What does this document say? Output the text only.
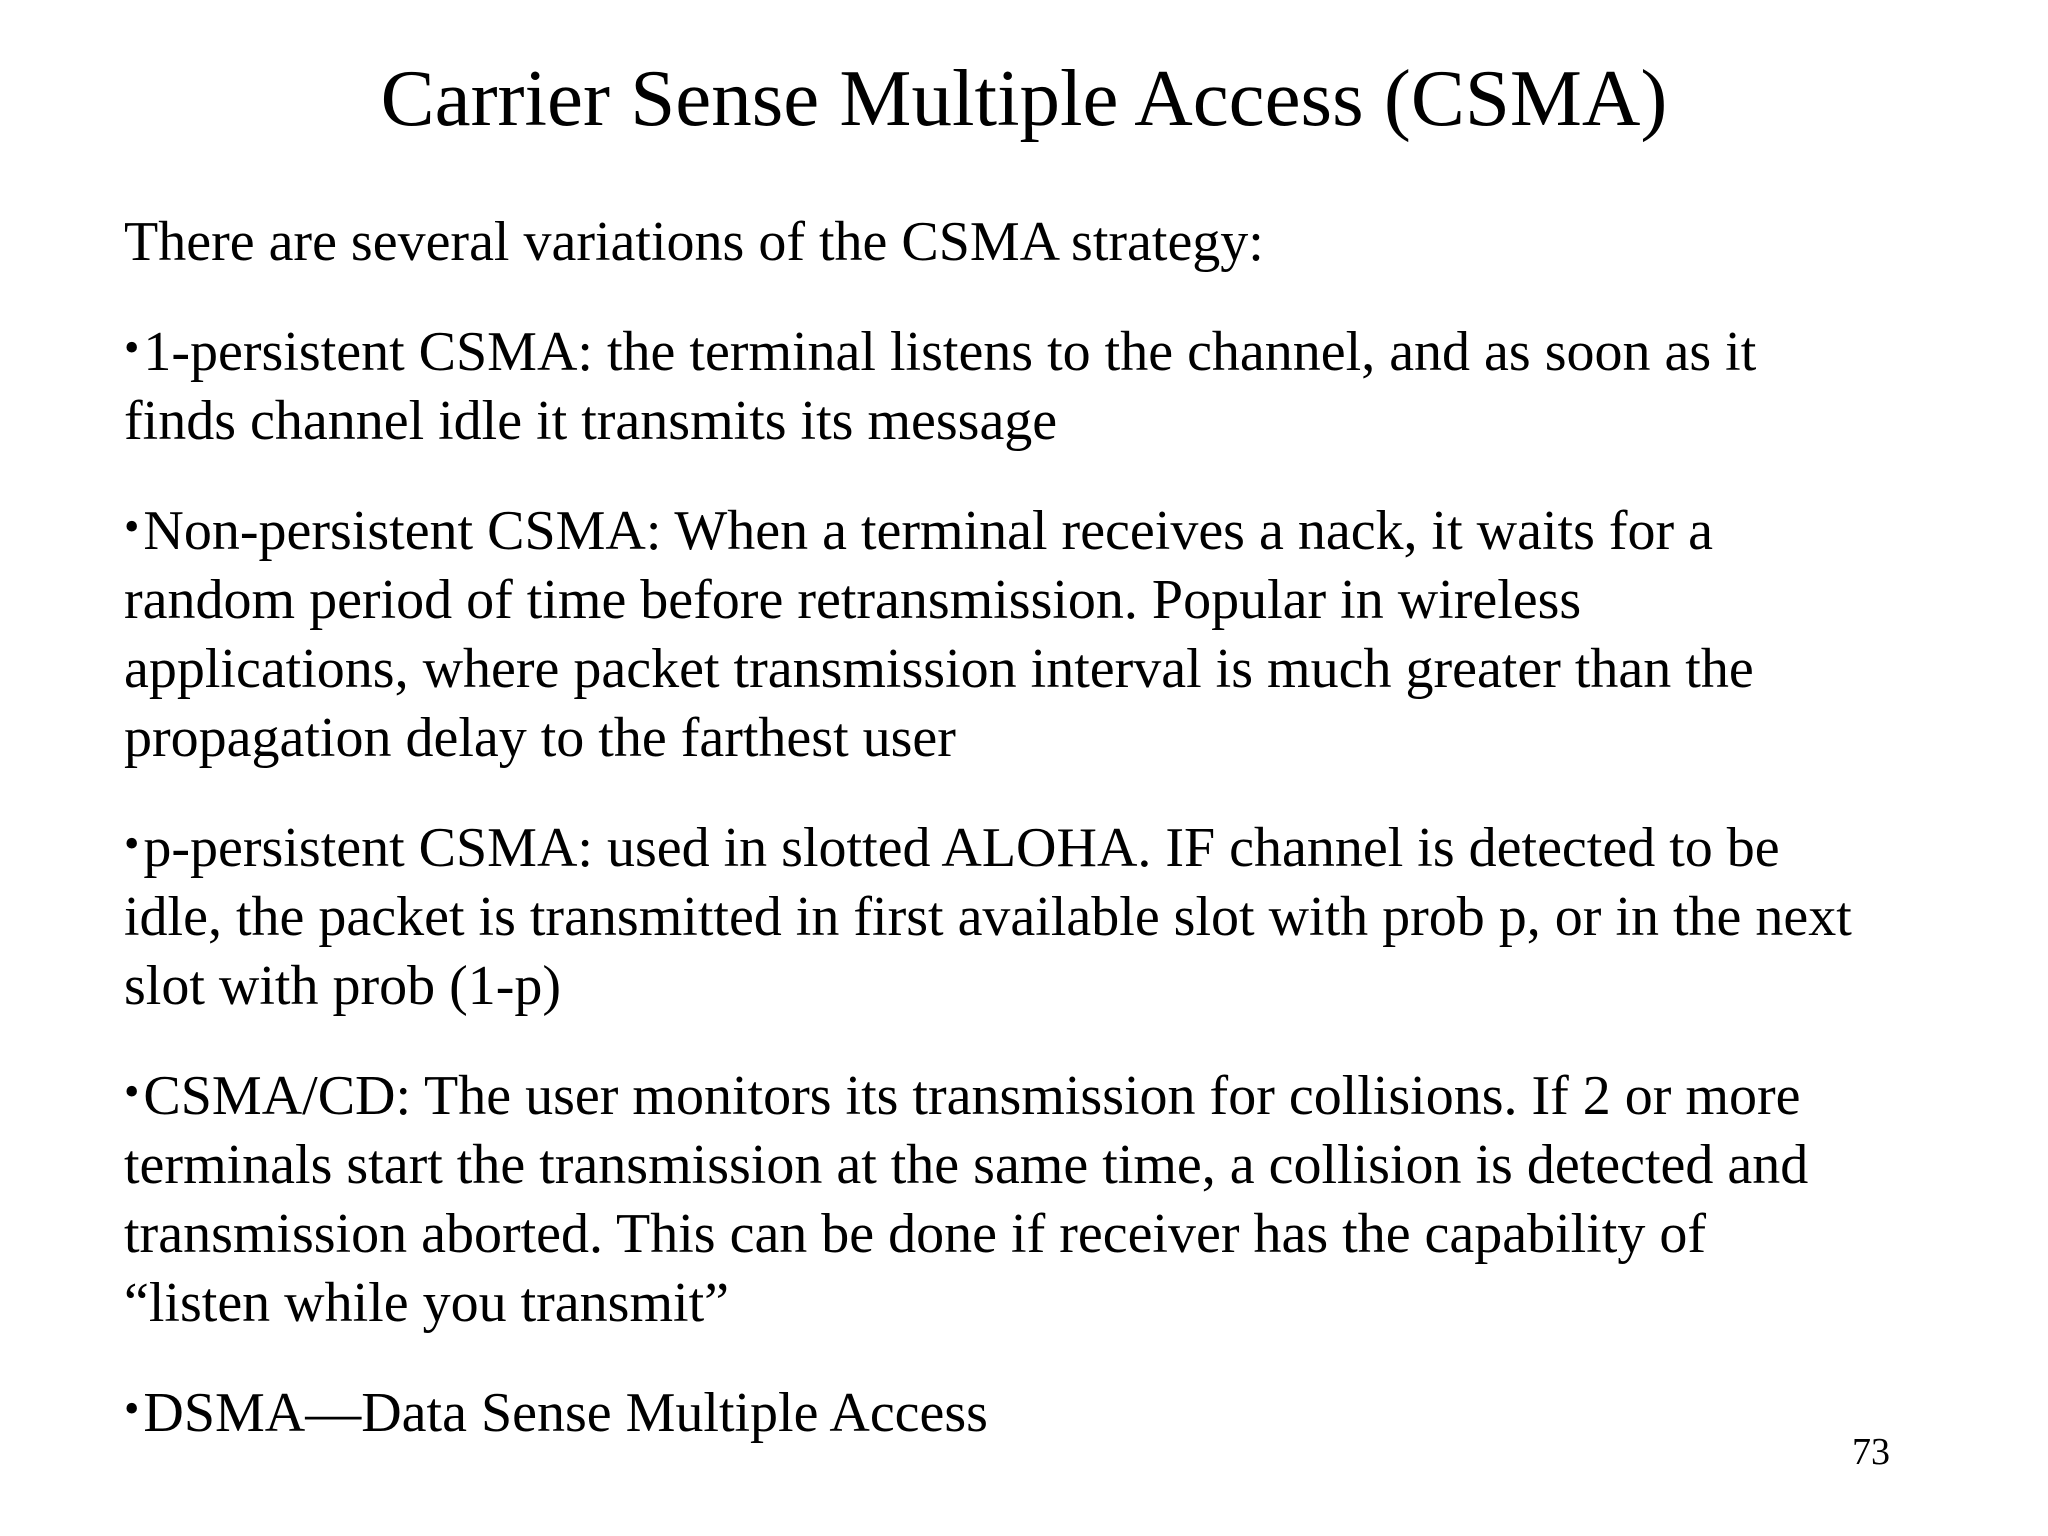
Carrier Sense Multiple Access (CSMA)
There are several variations of the CSMA strategy:
•1-persistent CSMA: the terminal listens to the channel, and as soon as it
finds channel idle it transmits its message
•Non-persistent CSMA: When a terminal receives a nack, it waits for a
random period of time before retransmission. Popular in wireless
applications, where packet transmission interval is much greater than the
propagation delay to the farthest user
•p-persistent CSMA: used in slotted ALOHA. IF channel is detected to be
idle, the packet is transmitted in first available slot with prob p, or in the next
slot with prob (1-p)
•CSMA/CD: The user monitors its transmission for collisions. If 2 or more
terminals start the transmission at the same time, a collision is detected and
transmission aborted. This can be done if receiver has the capability of
“listen while you transmit”
•DSMA—Data Sense Multiple Access
73
